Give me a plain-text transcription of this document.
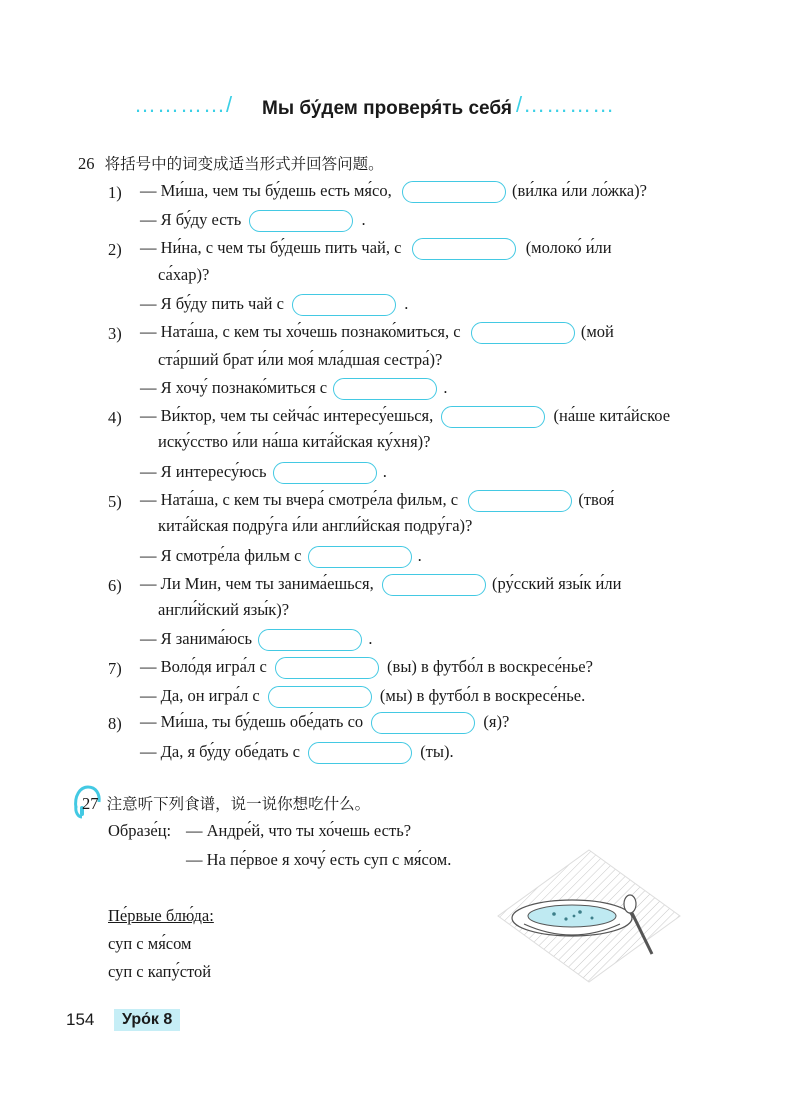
…………/ Мы бу́дем проверя́ть себя́ /…………
26 将括号中的词变成适当形式并回答问题。
1) — Ми́ша, чем ты бу́дешь есть мя́со,	(ви́лка и́ли ло́жка)?
— Я бу́ду есть	.
2) — Ни́на, с чем ты бу́дешь пить чай, с	(молоко́ и́ли
са́хар)?
— Я бу́ду пить чай с	.
3) — Ната́ша, с кем ты хо́чешь познако́миться, с	(мой
ста́рший брат и́ли моя́ мла́дшая сестра́)?
— Я хочу́ познако́миться с	.
4) — Ви́ктор, чем ты сейча́с интересу́ешься,	(на́ше кита́йское
иску́сство и́ли на́ша кита́йская ку́хня)?
— Я интересу́юсь	.
5) — Ната́ша, с кем ты вчера́ смотре́ла фильм, с	(твоя́
кита́йская подру́га и́ли англи́йская подру́га)?
— Я смотре́ла фильм с	.
6) — Ли Мин, чем ты занима́ешься,	(ру́сский язы́к и́ли
англи́йский язы́к)?
— Я занима́юсь	.
7) — Воло́дя игра́л с	(вы) в футбо́л в воскресе́нье?
— Да, он игра́л с	(мы) в футбо́л в воскресе́нье.
8) — Ми́ша, ты бу́дешь обе́дать со	(я)?
— Да, я бу́ду обе́дать с	(ты).
27 注意听下列食谱，说一说你想吃什么。
Образе́ц: — Андре́й, что ты хо́чешь есть?
— На пе́рвое я хочу́ есть суп с мя́сом.
Пе́рвые блю́да:
суп с мя́сом
суп с капу́стой
154	Уро́к 8
